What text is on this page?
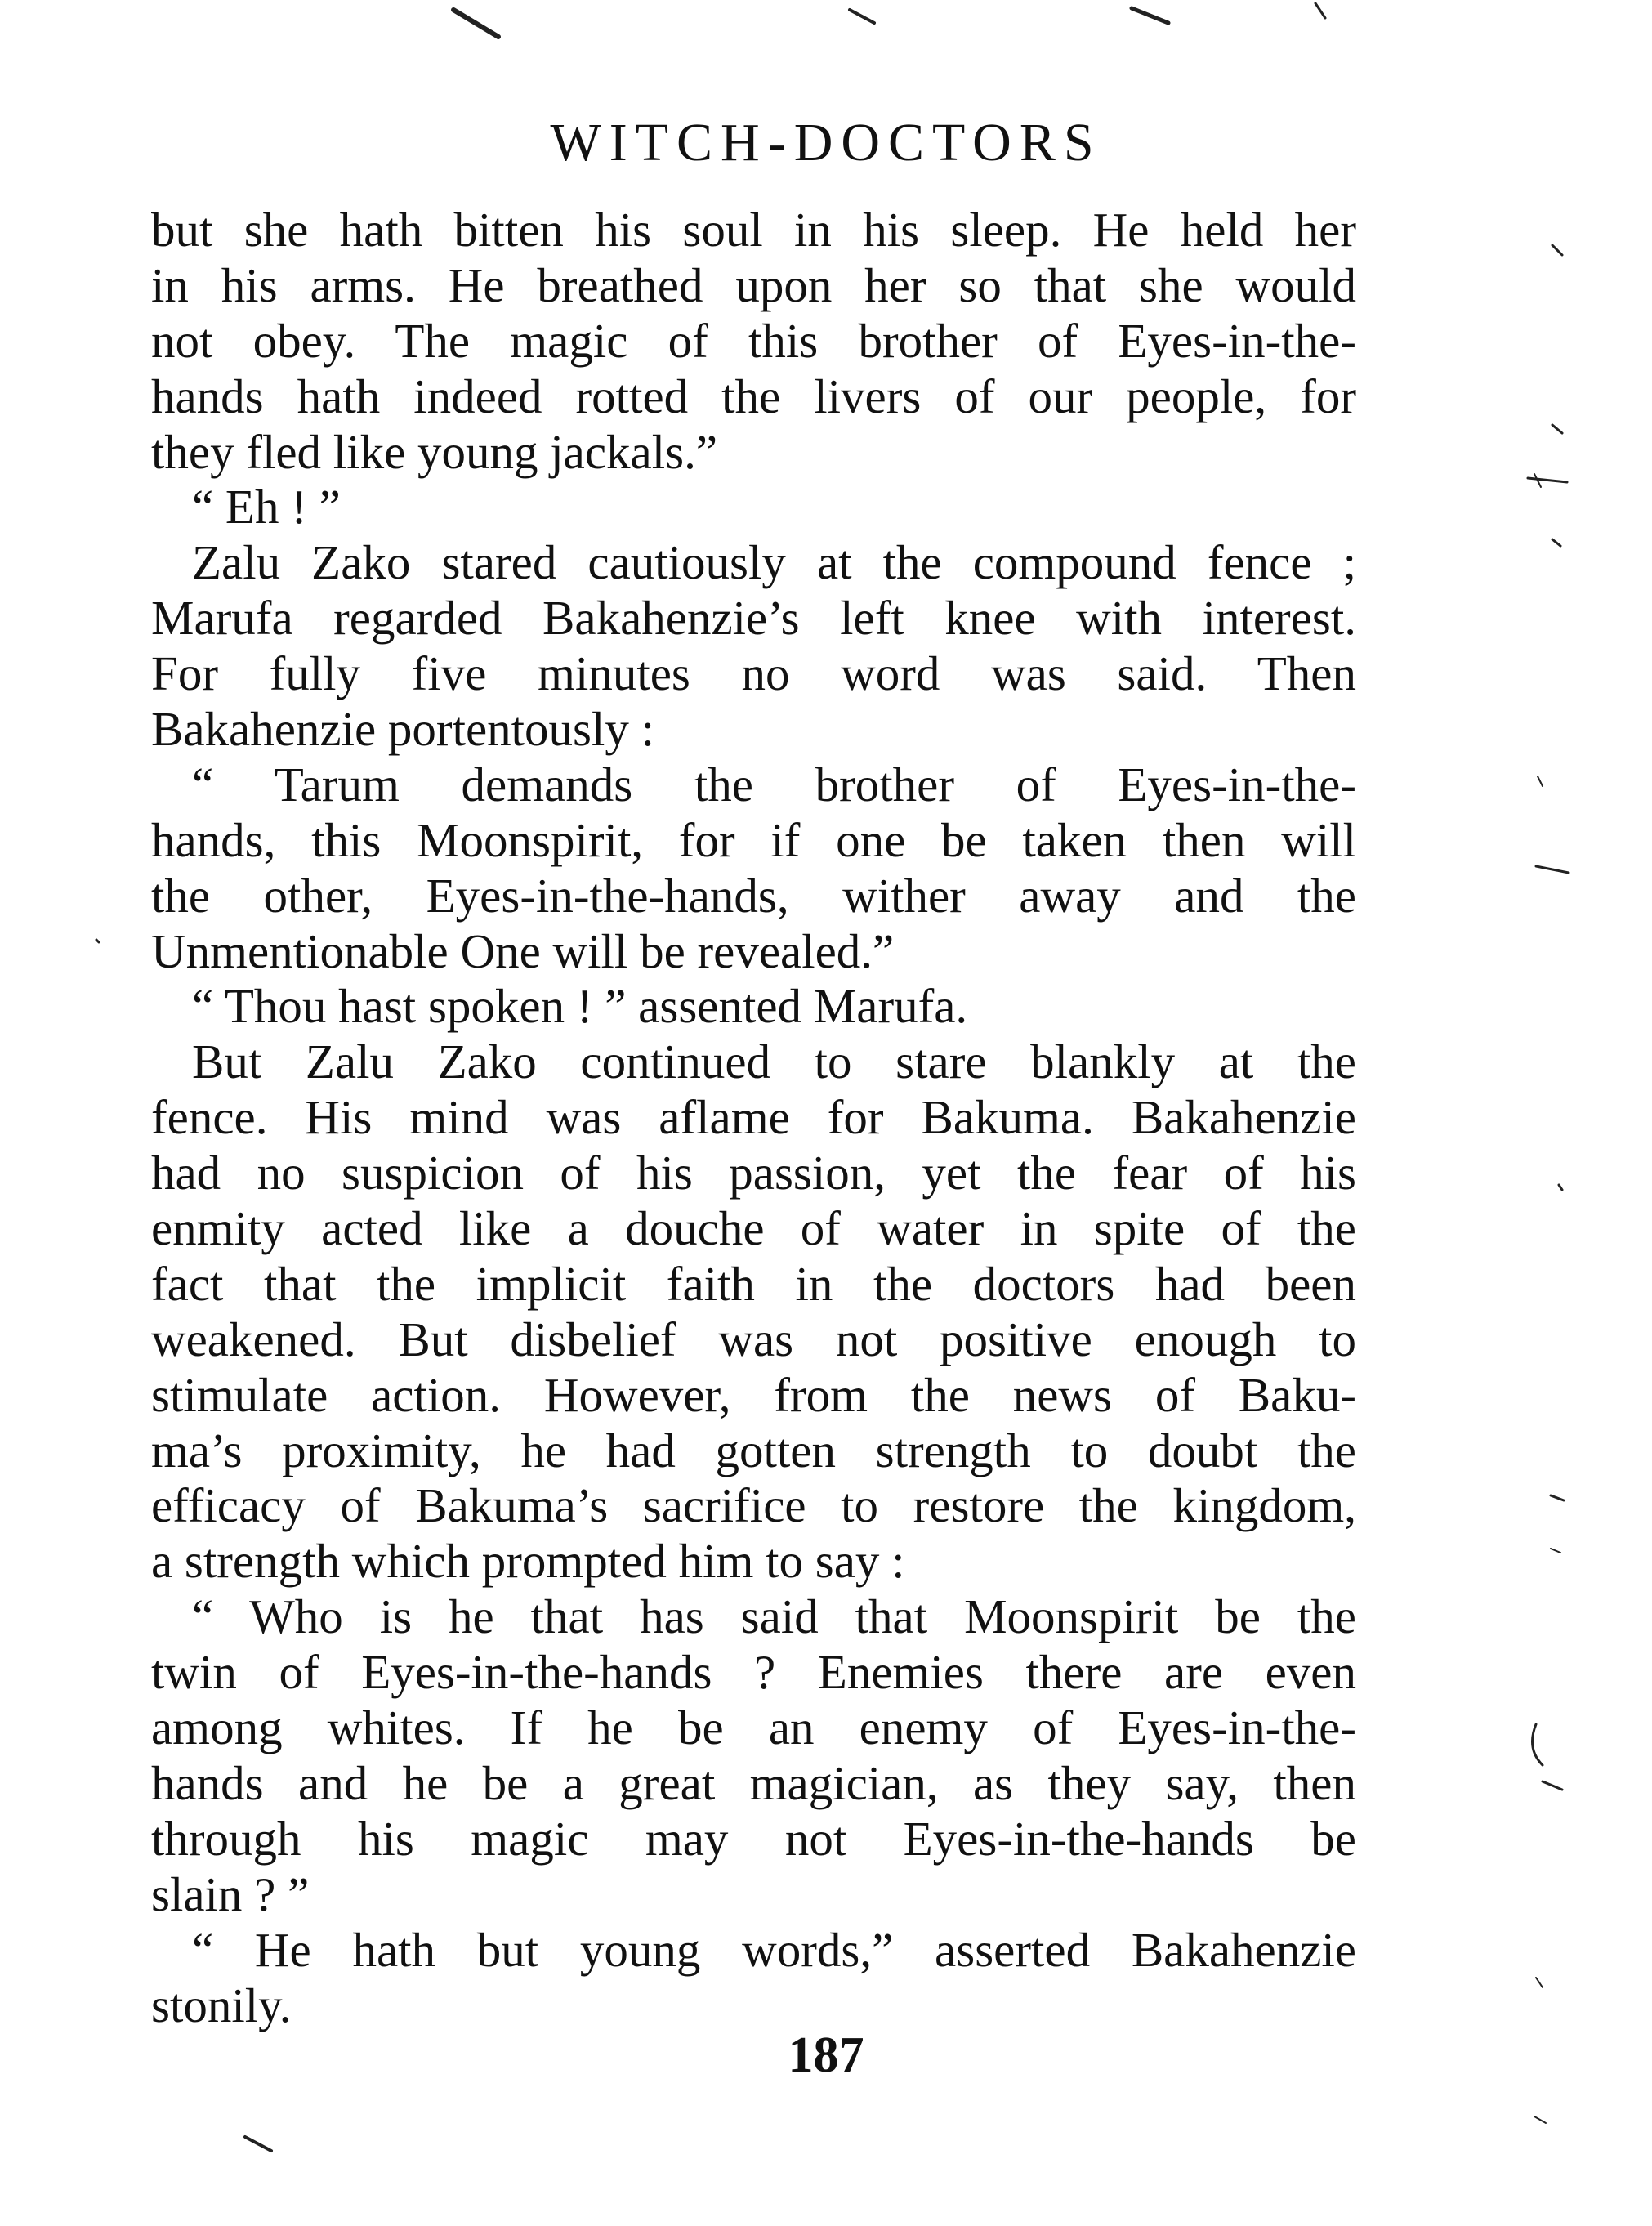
WITCH-DOCTORS
but she hath bitten his soul in his sleep. He held her
in his arms. He breathed upon her so that she would
not obey. The magic of this brother of Eyes-in-the-
hands hath indeed rotted the livers of our people, for
they fled like young jackals.”
“ Eh ! ”
Zalu Zako stared cautiously at the compound fence ;
Marufa regarded Bakahenzie’s left knee with interest.
For fully five minutes no word was said. Then
Bakahenzie portentously :
“ Tarum demands the brother of Eyes-in-the-
hands, this Moonspirit, for if one be taken then will
the other, Eyes-in-the-hands, wither away and the
Unmentionable One will be revealed.”
“ Thou hast spoken ! ” assented Marufa.
But Zalu Zako continued to stare blankly at the
fence. His mind was aflame for Bakuma. Bakahenzie
had no suspicion of his passion, yet the fear of his
enmity acted like a douche of water in spite of the
fact that the implicit faith in the doctors had been
weakened. But disbelief was not positive enough to
stimulate action. However, from the news of Baku-
ma’s proximity, he had gotten strength to doubt the
efficacy of Bakuma’s sacrifice to restore the kingdom,
a strength which prompted him to say :
“ Who is he that has said that Moonspirit be the
twin of Eyes-in-the-hands ? Enemies there are even
among whites. If he be an enemy of Eyes-in-the-
hands and he be a great magician, as they say, then
through his magic may not Eyes-in-the-hands be
slain ? ”
“ He hath but young words,” asserted Bakahenzie
stonily.
187
